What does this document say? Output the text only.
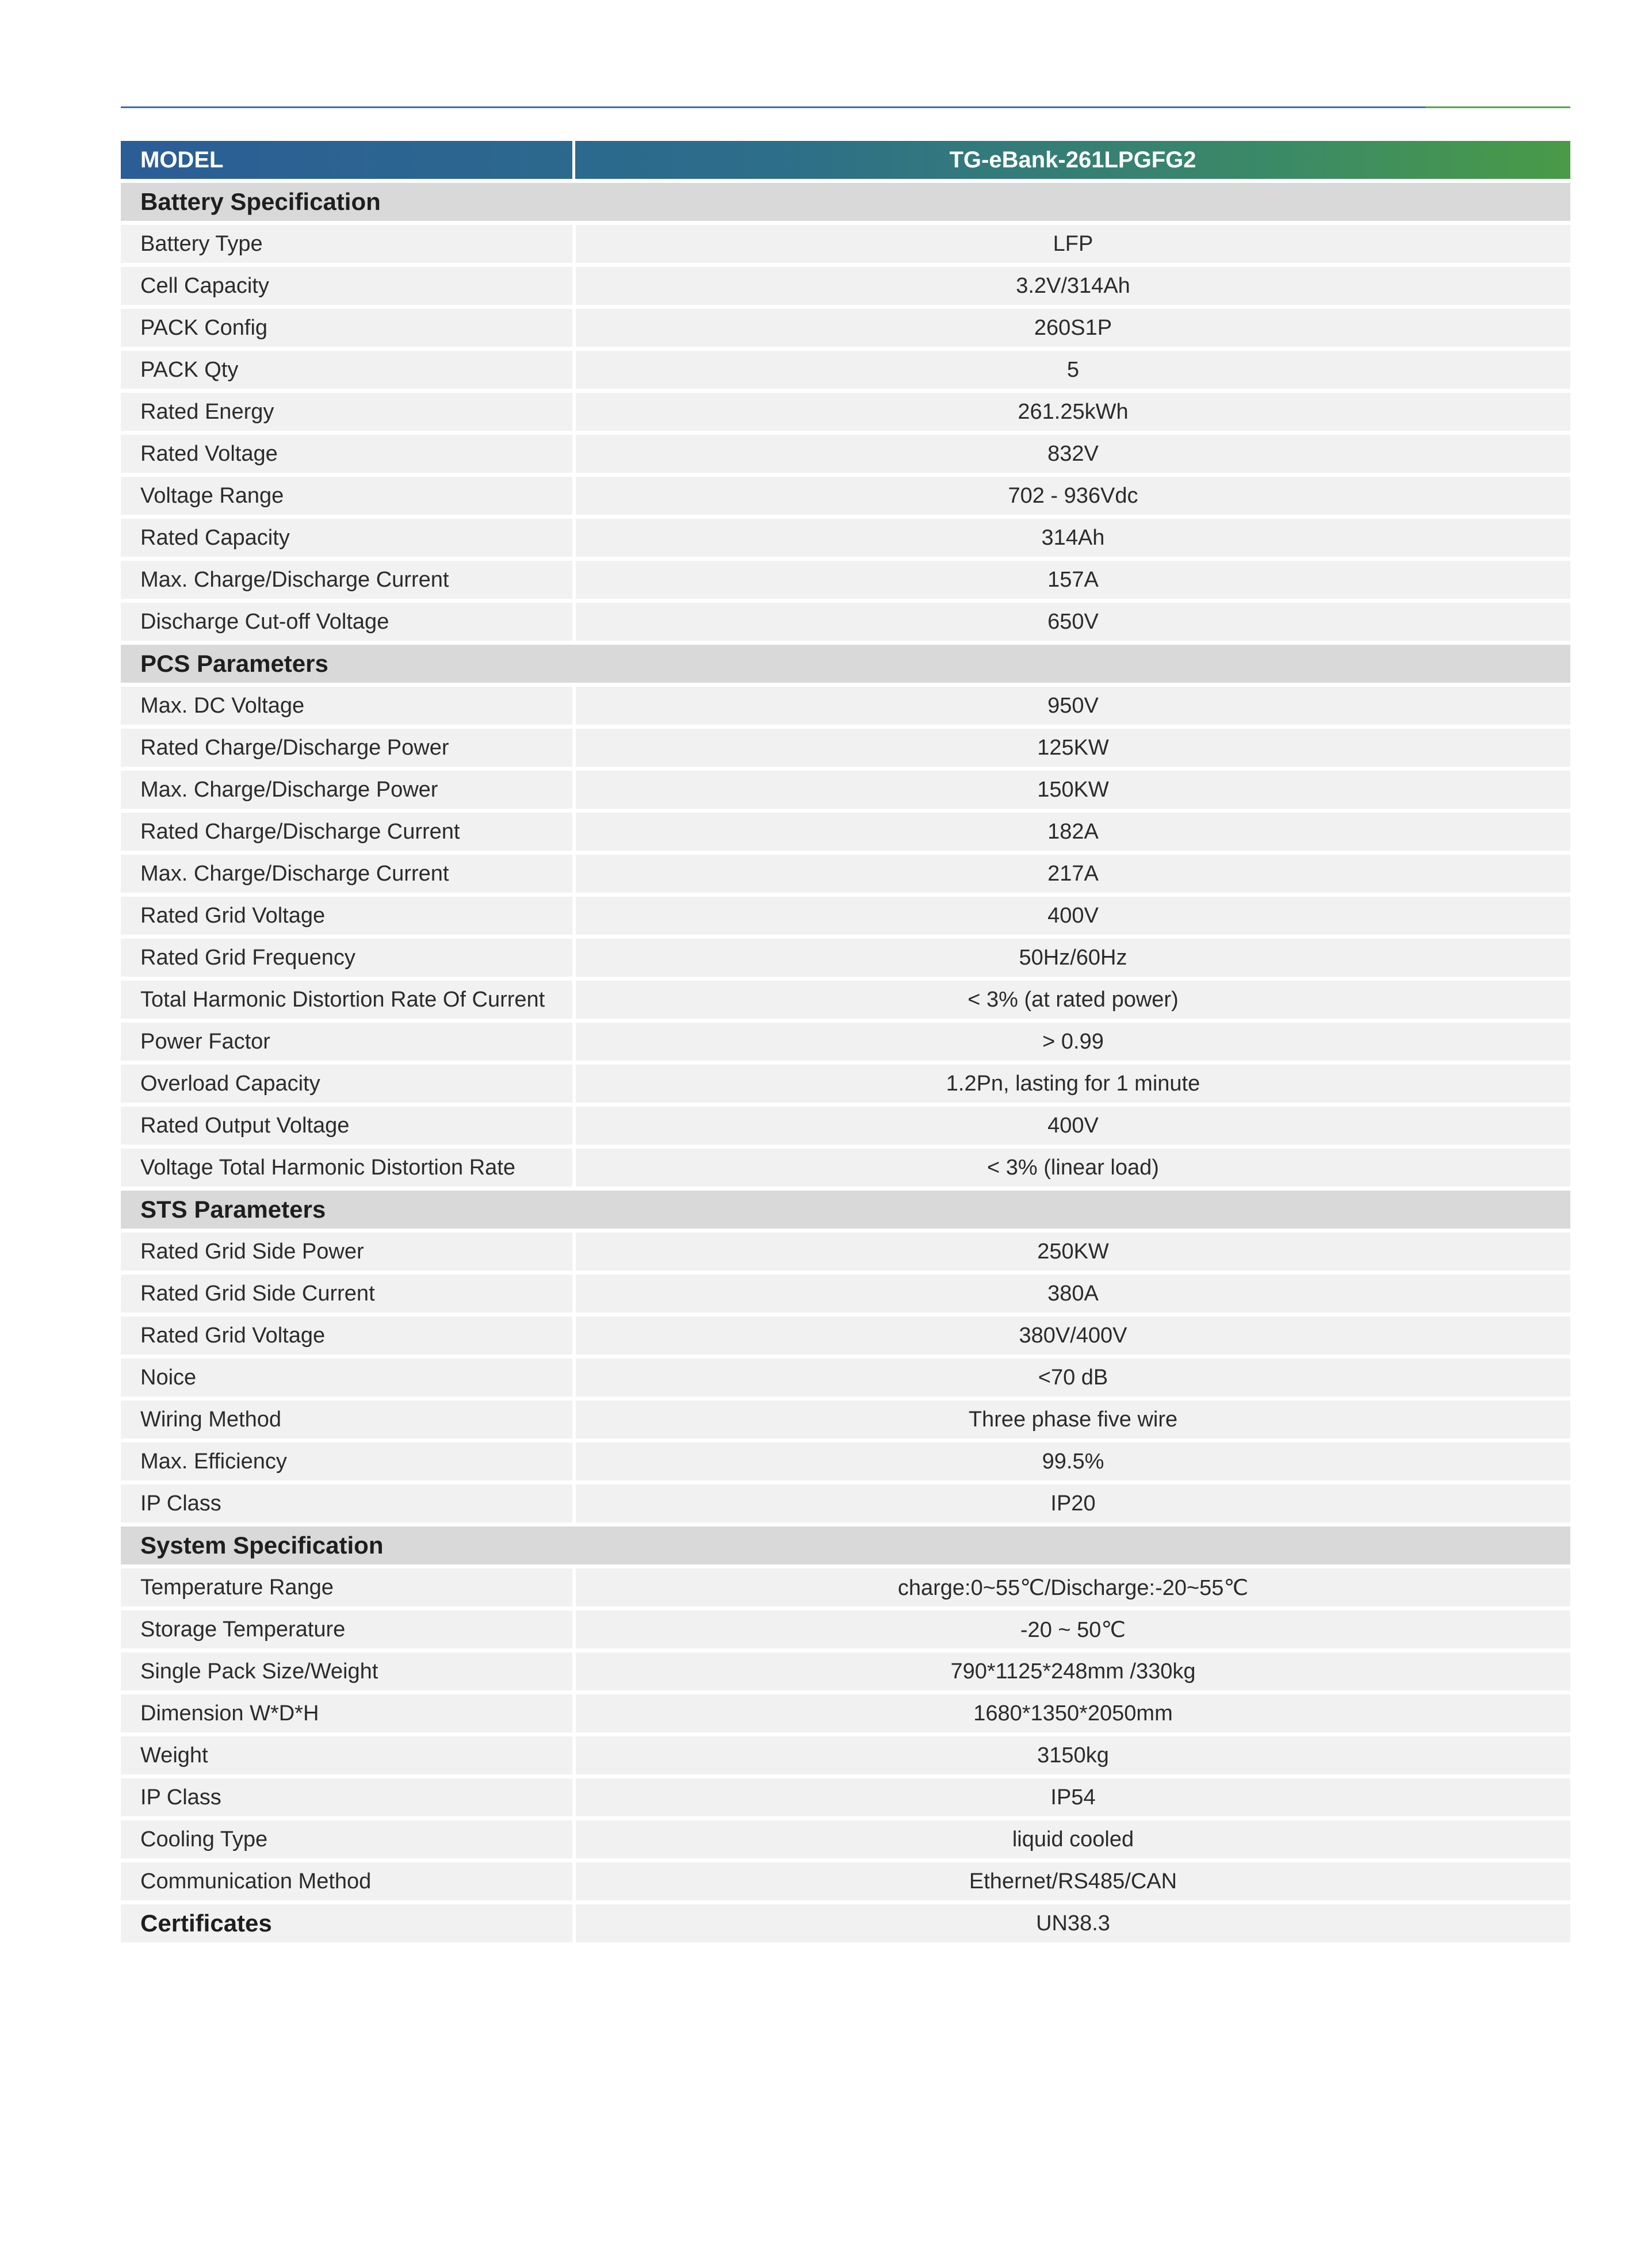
MODEL	TG-eBank-261LPGFG2
Battery Specification
Battery Type	LFP
Cell Capacity	3.2V/314Ah
PACK Config	260S1P
PACK Qty	5
Rated Energy	261.25kWh
Rated Voltage	832V
Voltage Range	702 - 936Vdc
Rated Capacity	314Ah
Max. Charge/Discharge Current	157A
Discharge Cut-off Voltage	650V
PCS Parameters
Max. DC Voltage	950V
Rated Charge/Discharge Power	125KW
Max. Charge/Discharge Power	150KW
Rated Charge/Discharge Current	182A
Max. Charge/Discharge Current	217A
Rated Grid Voltage	400V
Rated Grid Frequency	50Hz/60Hz
Total Harmonic Distortion Rate Of Current	< 3% (at rated power)
Power Factor	> 0.99
Overload Capacity	1.2Pn, lasting for 1 minute
Rated Output Voltage	400V
Voltage Total Harmonic Distortion Rate	< 3% (linear load)
STS Parameters
Rated Grid Side Power	250KW
Rated Grid Side Current	380A
Rated Grid Voltage	380V/400V
Noice	<70 dB
Wiring Method	Three phase five wire
Max. Efficiency	99.5%
IP Class	IP20
System Specification
Temperature Range	charge:0~55℃/Discharge:-20~55℃
Storage Temperature	-20 ~ 50℃
Single Pack Size/Weight	790*1125*248mm /330kg
Dimension W*D*H	1680*1350*2050mm
Weight	3150kg
IP Class	IP54
Cooling Type	liquid cooled
Communication Method	Ethernet/RS485/CAN
Certificates	UN38.3
